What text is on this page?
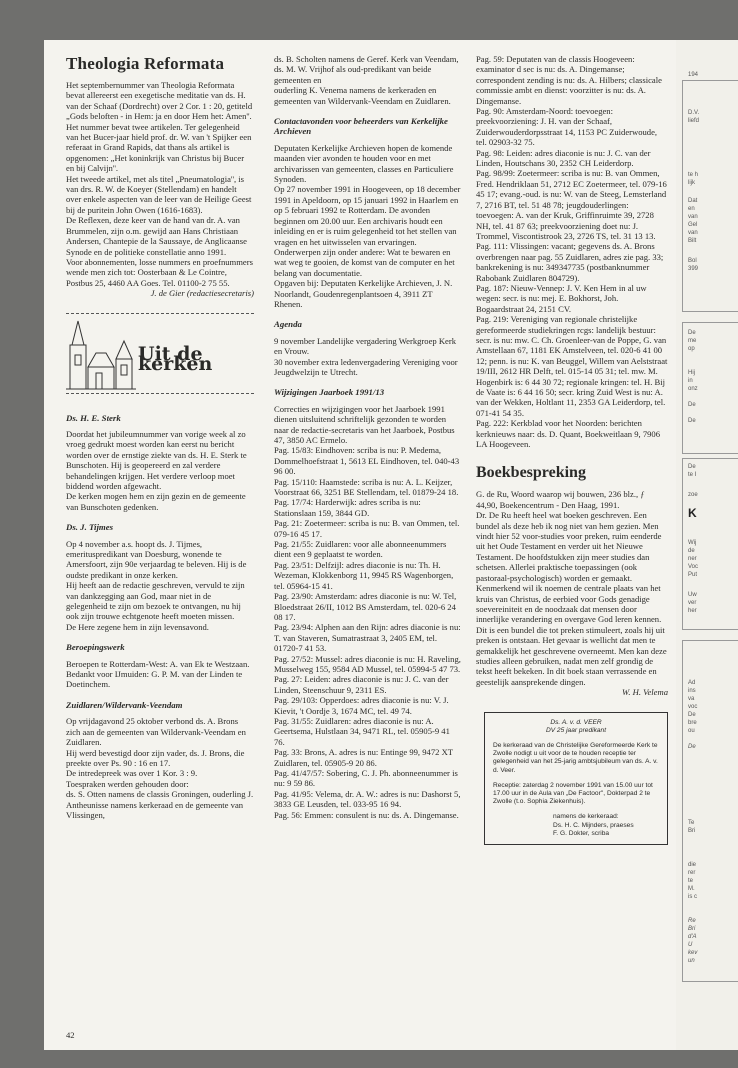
Theologia Reformata

Het septembernummer van Theologia Reformata bevat allereerst een exegetische meditatie van ds. H. van der Schaaf (Dordrecht) over 2 Cor. 1 : 20, getiteld „Gods beloften - in Hem: ja en door Hem het: Amen''.

Het nummer bevat twee artikelen. Ter gelegenheid van het Bucer-jaar hield prof. dr. W. van 't Spijker een referaat in Grand Rapids, dat thans als artikel is opgenomen: „Het koninkrijk van Christus bij Bucer en bij Calvijn''.

Het tweede artikel, met als titel „Pneumatologia'', is van drs. R. W. de Koeyer (Stellendam) en handelt over enkele aspecten van de leer van de Heilige Geest bij de puritein John Owen (1616-1683).

De Reflexen, deze keer van de hand van dr. A. van Brummelen, zijn o.m. gewijd aan Hans Christiaan Andersen, Chantepie de la Saussaye, de Anglicaanse Synode en de politieke constellatie anno 1991.

Voor abonnementen, losse nummers en proefnummers wende men zich tot: Oosterbaan & Le Cointre, Postbus 25, 4460 AA Goes. Tel. 01100-2 75 55.

J. de Gier (redactiesecretaris)

Uit de kerken
Ds. H. E. Sterk

Doordat het jubileumnummer van vorige week al zo vroeg gedrukt moest worden kan eerst nu bericht worden over de ernstige ziekte van ds. H. E. Sterk te Bunschoten. Hij is geopereerd en zal verdere behandelingen krijgen. Het verdere verloop moet biddend worden afgewacht.

De kerken mogen hem en zijn gezin en de gemeente van Bunschoten gedenken.

Ds. J. Tijmes

Op 4 november a.s. hoopt ds. J. Tijmes, emerituspredikant van Doesburg, wonende te Amersfoort, zijn 90e verjaardag te beleven. Hij is de oudste predikant in onze kerken.

Hij heeft aan de redactie geschreven, vervuld te zijn van dankzegging aan God, maar niet in de gelegenheid te zijn om bezoek te ontvangen, nu hij ook zijn trouwe echtgenote heeft moeten missen.

De Here zegene hem in zijn levensavond.

Beroepingswerk

Beroepen te Rotterdam-West: A. van Ek te Westzaan.

Bedankt voor IJmuiden: G. P. M. van der Linden te Doetinchem.

Zuidlaren/Wildervank-Veendam

Op vrijdagavond 25 oktober verbond ds. A. Brons zich aan de gemeenten van Wildervank-Veendam en Zuidlaren.

Hij werd bevestigd door zijn vader, ds. J. Brons, die preekte over Ps. 90 : 16 en 17.

De intredepreek was over 1 Kor. 3 : 9.

Toespraken werden gehouden door:

ds. S. Otten namens de classis Groningen, ouderling J. Antheunisse namens kerkeraad en de gemeente van Vlissingen,

ds. B. Scholten namens de Geref. Kerk van Veendam,

ds. M. W. Vrijhof als oud-predikant van beide gemeenten en

ouderling K. Venema namens de kerkeraden en gemeenten van Wildervank-Veendam en Zuidlaren.

Contactavonden voor beheerders van Kerkelijke Archieven

Deputaten Kerkelijke Archieven hopen de komende maanden vier avonden te houden voor en met archivarissen van gemeenten, classes en Particuliere Synoden.

Op 27 november 1991 in Hoogeveen, op 18 december 1991 in Apeldoorn, op 15 januari 1992 in Haarlem en op 5 februari 1992 te Rotterdam. De avonden beginnen om 20.00 uur. Een archivaris houdt een inleiding en er is ruim gelegenheid tot het stellen van vragen en het uitwisselen van ervaringen.

Onderwerpen zijn onder andere: Wat te bewaren en wat weg te gooien, de komst van de computer en het belang van documentatie.

Opgaven bij: Deputaten Kerkelijke Archieven, J. N. Noorlandt, Goudenregenplantsoen 4, 3911 ZT Rhenen.

Agenda

9 november Landelijke vergadering Werkgroep Kerk en Vrouw.

30 november extra ledenvergadering Vereniging voor Jeugdwelzijn te Utrecht.

Wijzigingen Jaarboek 1991/13

Correcties en wijzigingen voor het Jaarboek 1991 dienen uitsluitend schriftelijk gezonden te worden naar de redactie-secretaris van het Jaarboek, Postbus 47, 3850 AC Ermelo.

Pag. 15/83: Eindhoven: scriba is nu: P. Medema, Dommelhoefstraat 1, 5613 EL Eindhoven, tel. 040-43 96 00.

Pag. 15/110: Haamstede: scriba is nu: A. L. Keijzer, Voorstraat 66, 3251 BE Stellendam, tel. 01879-24 18.

Pag. 17/74: Harderwijk: adres scriba is nu: Stationslaan 159, 3844 GD.

Pag. 21: Zoetermeer: scriba is nu: B. van Ommen, tel. 079-16 45 17.

Pag. 21/55: Zuidlaren: voor alle abonneenummers dient een 9 geplaatst te worden.

Pag. 23/51: Delfzijl: adres diaconie is nu: Th. H. Wezeman, Klokkenborg 11, 9945 RS Wagenborgen, tel. 05964-15 41.

Pag. 23/90: Amsterdam: adres diaconie is nu: W. Tel, Bloedstraat 26/II, 1012 BS Amsterdam, tel. 020-6 24 08 17.

Pag. 23/94: Alphen aan den Rijn: adres diaconie is nu: T. van Staveren, Sumatrastraat 3, 2405 EM, tel. 01720-7 41 53.

Pag. 27/52: Mussel: adres diaconie is nu: H. Raveling, Musselweg 155, 9584 AD Mussel, tel. 05994-5 47 73.

Pag. 27: Leiden: adres diaconie is nu: J. C. van der Linden, Steenschuur 9, 2311 ES.

Pag. 29/103: Opperdoes: adres diaconie is nu: V. J. Kievit, 't Oordje 3, 1674 MC, tel. 49 74.

Pag. 31/55: Zuidlaren: adres diaconie is nu: A. Geertsema, Hulstlaan 34, 9471 RL, tel. 05905-9 41 76.

Pag. 33: Brons, A. adres is nu: Entinge 99, 9472 XT Zuidlaren, tel. 05905-9 20 86.

Pag. 41/47/57: Sobering, C. J. Ph. abonneenummer is nu: 9 59 86.

Pag. 41/95: Velema, dr. A. W.: adres is nu: Dashorst 5, 3833 GE Leusden, tel. 033-95 16 94.

Pag. 56: Emmen: consulent is nu: ds. A. Dingemanse.

Pag. 59: Deputaten van de classis Hoogeveen: examinator d sec is nu: ds. A. Dingemanse; correspondent zending is nu: ds. A. Hilbers; classicale commissie ambt en dienst: voorzitter is nu: ds. A. Dingemanse.

Pag. 90: Amsterdam-Noord: toevoegen: preekvoorziening: J. H. van der Schaaf, Zuiderwouderdorpsstraat 14, 1153 PC Zuiderwoude, tel. 02903-32 75.

Pag. 98: Leiden: adres diaconie is nu: J. C. van der Linden, Houtschans 30, 2352 CH Leiderdorp.

Pag. 98/99: Zoetermeer: scriba is nu: B. van Ommen, Fred. Hendriklaan 51, 2712 EC Zoetermeer, tel. 079-16 45 17; evang.-oud. is nu: W. van de Steeg, Lemsterland 7, 2716 BT, tel. 51 48 78; jeugdouderlingen: toevoegen: A. van der Kruk, Griffinruimte 39, 2728 NH, tel. 41 87 63; preekvoorziening doet nu: J. Trommel, Viscontistrook 23, 2726 TS, tel. 31 13 13.

Pag. 111: Vlissingen: vacant; gegevens ds. A. Brons overbrengen naar pag. 55 Zuidlaren, adres zie pag. 33; bankrekening is nu: 349347735 (postbanknummer Rabobank Zuidlaren 804729).

Pag. 187: Nieuw-Vennep: J. V. Ken Hem in al uw wegen: secr. is nu: mej. E. Bokhorst, Joh. Bogaardstraat 24, 2151 CV.

Pag. 219: Vereniging van regionale christelijke gereformeerde studiekringen rcgs: landelijk bestuur: secr. is nu: mw. C. Ch. Groenleer-van de Poppe, G. van Amstellaan 67, 1181 EK Amstelveen, tel. 020-6 41 00 12; penn. is nu: K. van Beuggel, Willem van Aelststraat 19/III, 2612 HR Delft, tel. 015-14 05 31; tel. mw. M. Hogenbirk is: 6 44 30 72; regionale kringen: tel. H. Bij de Vaate is: 6 44 16 50; secr. kring Zuid West is nu: A. van der Wekken, Holtlant 11, 2353 GA Leiderdorp, tel. 071-41 54 35.

Pag. 222: Kerkblad voor het Noorden: berichten kerknieuws naar: ds. D. Quant, Boekweitlaan 9, 7906 LA Hoogeveen.

Boekbespreking

G. de Ru, Woord waarop wij bouwen, 236 blz., ƒ 44,90, Boekencentrum - Den Haag, 1991.

Dr. De Ru heeft heel wat boeken geschreven. Een bundel als deze heb ik nog niet van hem gezien. Men vindt hier 52 voor-studies voor preken, ruim eenderde uit het Oude Testament en verder uit het Nieuwe Testament. De hoofdstukken zijn meer studies dan schetsen. Allerlei praktische toepassingen (ook pastoraal-psychologisch) worden er gemaakt. Kenmerkend wil ik noemen de centrale plaats van het kruis van Christus, de eerbied voor Gods genadige soevereiniteit en de noodzaak dat mensen door innerlijke verandering en overgave God leren kennen.

Dit is een bundel die tot preken stimuleert, zoals hij uit preken is ontstaan. Het gevaar is wellicht dat men te gemakkelijk het geschrevene overneemt. Men kan deze studies alleen gebruiken, nadat men zelf grondig de tekst heeft bekeken. In dit boek staan verrassende en geestelijk aansprekende dingen.

W. H. Velema

Ds. A. v. d. VEER

DV 25 jaar predikant

De kerkeraad van de Christelijke Gereformeerde Kerk te Zwolle nodigt u uit voor de te houden receptie ter gelegenheid van het 25-jarig ambtsjubileum van ds. A. v. d. Veer.

Receptie: zaterdag 2 november 1991 van 15.00 uur tot 17.00 uur in de Aula van „De Factoor'', Dokterpad 2 te Zwolle (t.o. Sophia Ziekenhuis).

namens de kerkeraad:

Ds. H. C. Mijnders, praeses

F. G. Dokter, scriba

42
194
D.V.
liefd
te h
lijk
Dat
en
van
Gel
van
Bilt
Bol
399
De
me
op
Hij
in
onz
De
De
De
te I
zoe
K
Wij
de
ner
Voc
Put
Uw
ver
her
Ad
ins
va
voc
De
bre
ou
De
Te
Bri
die
rer
te
M.
is c
Re
Bri
d'A
U
kev
un
